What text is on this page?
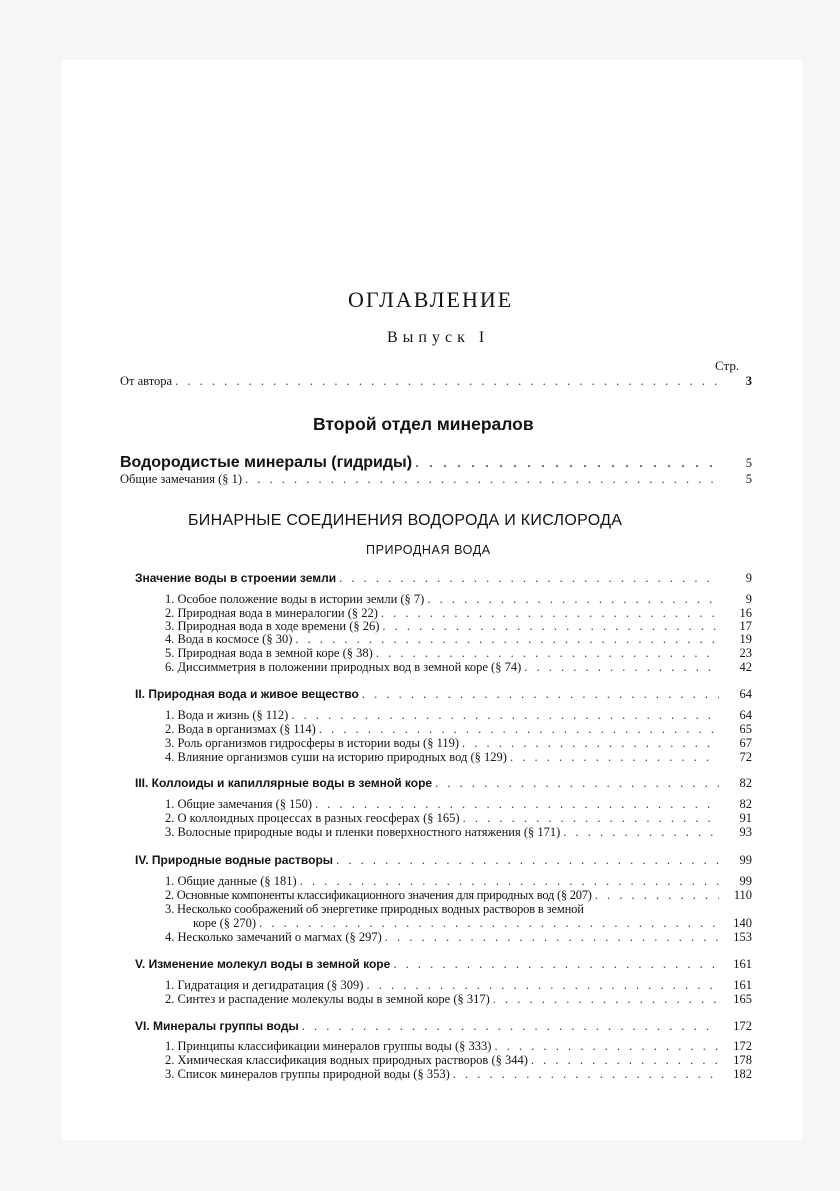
ОГЛАВЛЕНИЕ
Выпуск I
Стр.
От автора . . .	3
Второй отдел минералов
Водородистые минералы (гидриды) . . .	5
Общие замечания (§ 1) . . .	5
БИНАРНЫЕ СОЕДИНЕНИЯ ВОДОРОДА И КИСЛОРОДА
ПРИРОДНАЯ ВОДА
Значение воды в строении земли . . .	9
1. Особое положение воды в истории земли (§ 7) . . .	9
2. Природная вода в минералогии (§ 22) . . .	16
3. Природная вода в ходе времени (§ 26) . . .	17
4. Вода в космосе (§ 30) . . .	19
5. Природная вода в земной коре (§ 38) . . .	23
6. Диссимметрия в положении природных вод в земной коре (§ 74) . . .	42
II. Природная вода и живое вещество . . .	64
1. Вода и жизнь (§ 112) . . .	64
2. Вода в организмах (§ 114) . . .	65
3. Роль организмов гидросферы в истории воды (§ 119) . . .	67
4. Влияние организмов суши на историю природных вод (§ 129) . . .	72
III. Коллоиды и капиллярные воды в земной коре . . .	82
1. Общие замечания (§ 150) . . .	82
2. О коллоидных процессах в разных геосферах (§ 165) . . .	91
3. Волосные природные воды и пленки поверхностного натяжения (§ 171) . . .	93
IV. Природные водные растворы . . .	99
1. Общие данные (§ 181) . . .	99
2. Основные компоненты классификационного значения для природных вод (§ 207) . . .	110
3. Несколько соображений об энергетике природных водных растворов в земной
коре (§ 270) . . .	140
4. Несколько замечаний о магмах (§ 297) . . .	153
V. Изменение молекул воды в земной коре . . .	161
1. Гидратация и дегидратация (§ 309) . . .	161
2. Синтез и распадение молекулы воды в земной коре (§ 317) . . .	165
VI. Минералы группы воды . . .	172
1. Принципы классификации минералов группы воды (§ 333) . . .	172
2. Химическая классификация водных природных растворов (§ 344) . . .	178
3. Список минералов группы природной воды (§ 353) . . .	182
